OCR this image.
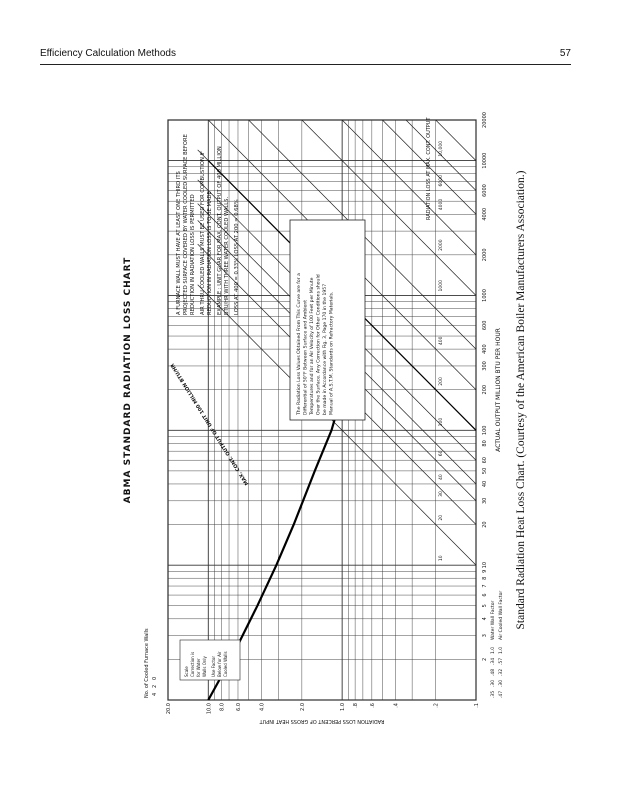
Efficiency Calculation Methods	57
10
20
30
40
60
100
200
400
1000
2000
4000
6000
10,000
MAX. CONT. OUTPUT OF UNIT 100 MILLION BTU/HR
2
3
4
5
6
7
8
9
10
20
30
40
50
60
80
100
200
300
400
600
1000
2000
4000
6000
10000
20000
20.0	10.0 8.0 6.0	4.0	2.0	1.0 .8 .6	.4	.2	.1
Water Wall Factor
.35
.30
.48
.34
1.0
Air Cooled Wall Factor
.47
.30
.32
.57
1.0
4
2
0
ABMA STANDARD RADIATION LOSS CHART	ACTUAL OUTPUT MILLION BTU PER HOUR
RADIATION LOSS PERCENT OF GROSS HEAT INPUT
No. of Cooled Furnace Walls
A FURNACE WALL MUST HAVE AT LEAST ONE THIRD ITS PROJECTED SURFACE COVERED BY WATER COOLED SURFACE BEFORE REDUCTION IN RADIATION LOSS IS PERMITTED AIR THRU COOLED WALLS MUST BE USED FOR COMBUSTION IF REDUCTION IN RADIATION LOSS IS TO BE MADE EXAMPLE : UNIT GUAR FOR MAX. CONT. OUTPUT OF 400 MILLION BTU/HR WITH THREE WATER COOLED WALLS. LOSS AT 400 = 0.33% LOSS AT 200 = 0.68%
The Radiation Loss Values Obtained From This Curve are for a Differential of 50°F Between Surface and Ambient Temperatures and for an Air Velocity of 100 Feet per Minute Over the Surface. Any Correction for Other Conditions should be made in Accordance with Fig. 3, Page 170 in the 1957 Manual of A.S.T.M. Standards on Refractory Materials.
Scale Correction is for Water Walls Only Use Factor Below for Air Cooled Walls
RADIATION LOSS AT MAX. CONT. OUTPUT
Standard Radiation Heat Loss Chart. (Courtesy of the American Boiler Manufacturers Association.)
